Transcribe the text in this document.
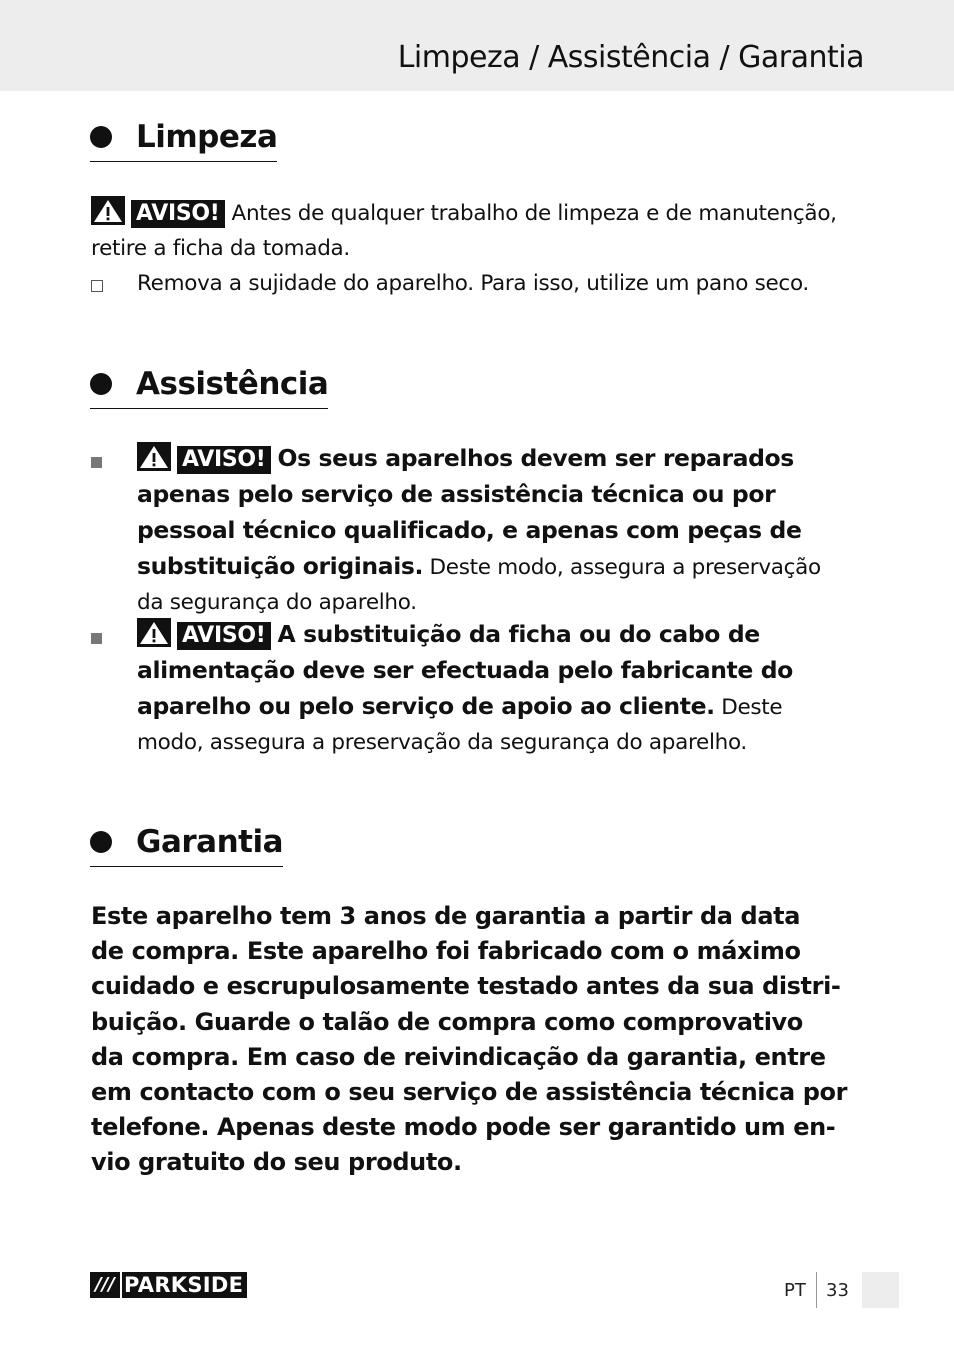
Limpeza / Assistência / Garantia
Limpeza
AVISO! Antes de qualquer trabalho de limpeza e de manutenção,
retire a ficha da tomada.
Remova a sujidade do aparelho. Para isso, utilize um pano seco.
Assistência
AVISO! Os seus aparelhos devem ser reparados
apenas pelo serviço de assistência técnica ou por
pessoal técnico qualificado, e apenas com peças de
substituição originais. Deste modo, assegura a preservação
da segurança do aparelho.
AVISO! A substituição da ficha ou do cabo de
alimentação deve ser efectuada pelo fabricante do
aparelho ou pelo serviço de apoio ao cliente. Deste
modo, assegura a preservação da segurança do aparelho.
Garantia
Este aparelho tem 3 anos de garantia a partir da data
de compra. Este aparelho foi fabricado com o máximo
cuidado e escrupulosamente testado antes da sua distri-
buição. Guarde o talão de compra como comprovativo
da compra. Em caso de reivindicação da garantia, entre
em contacto com o seu serviço de assistência técnica por
telefone. Apenas deste modo pode ser garantido um en-
vio gratuito do seu produto.
/// PARKSIDE	PT 33
